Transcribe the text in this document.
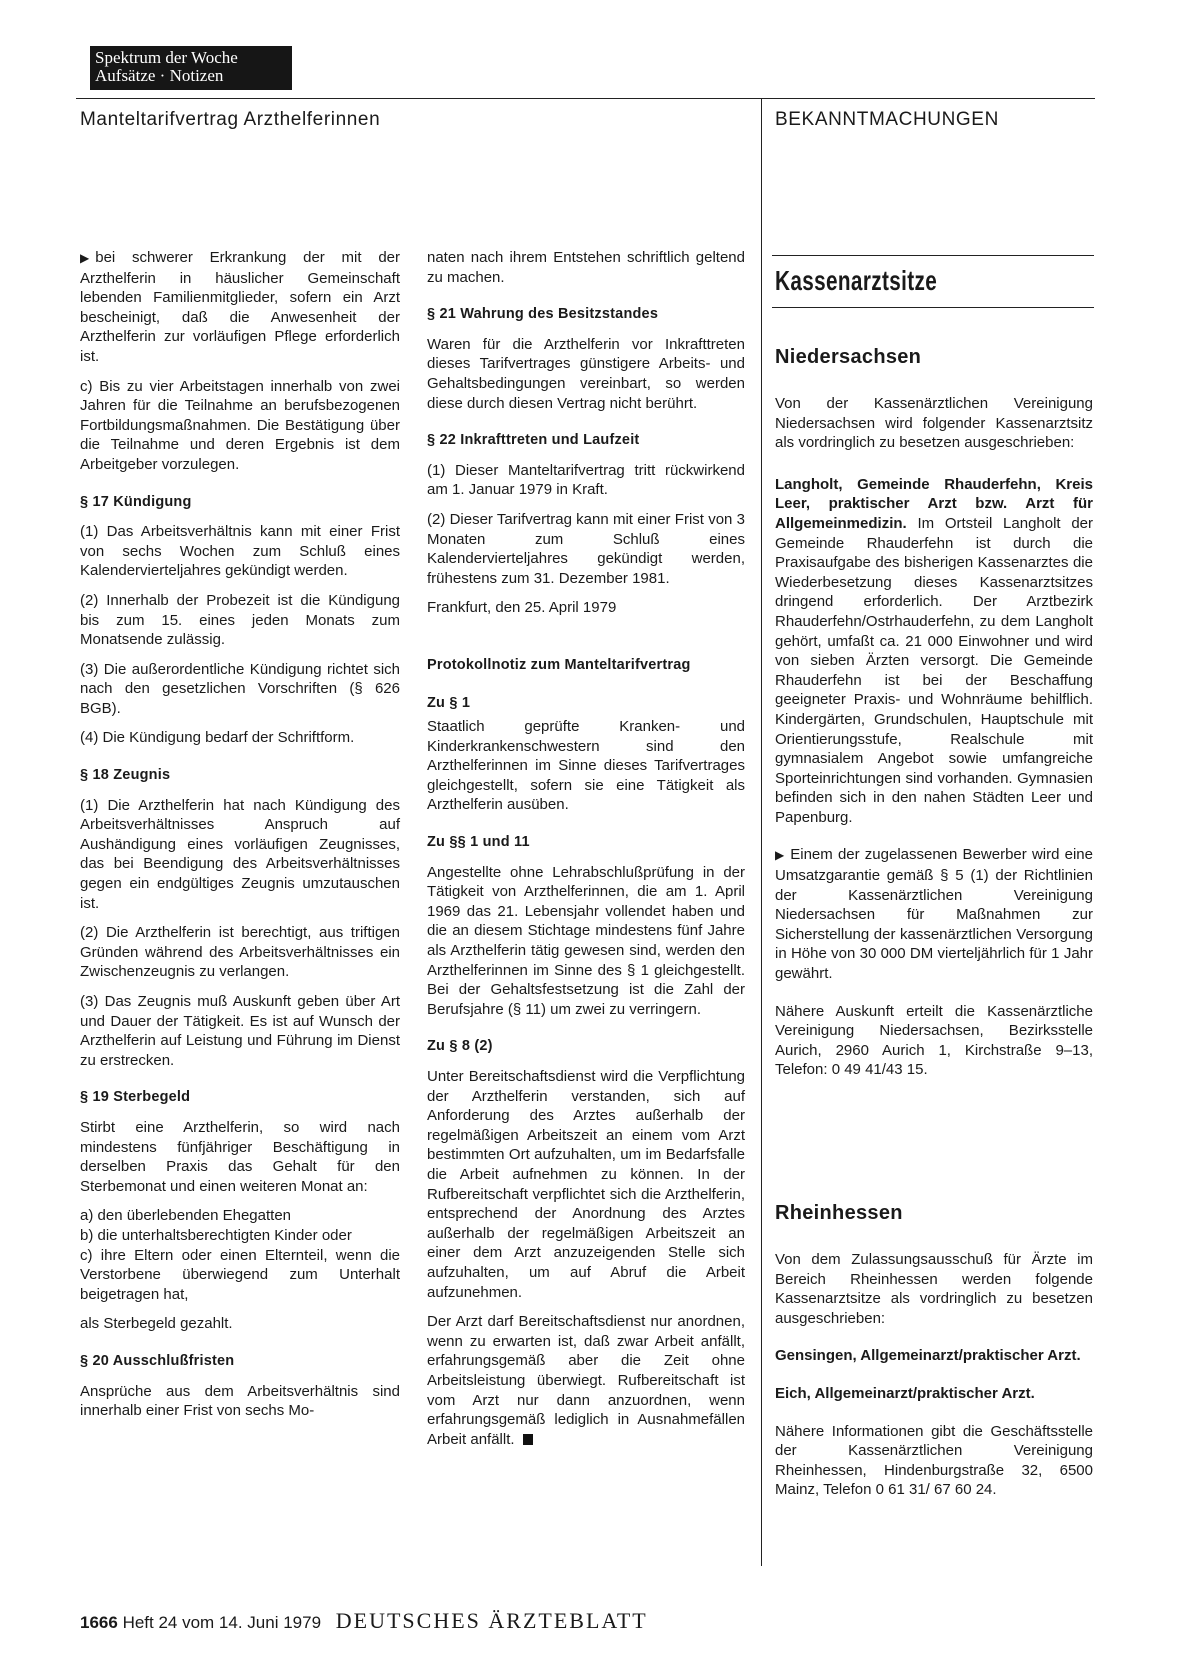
Spektrum der Woche
Aufsätze · Notizen
Manteltarifvertrag Arzthelferinnen	BEKANNTMACHUNGEN

▶ bei schwerer Erkrankung der mit der Arzthelferin in häuslicher Gemeinschaft lebenden Familienmitglieder, sofern ein Arzt bescheinigt, daß die Anwesenheit der Arzthelferin zur vorläufigen Pflege erforderlich ist.

c) Bis zu vier Arbeitstagen innerhalb von zwei Jahren für die Teilnahme an berufsbezogenen Fortbildungsmaßnahmen. Die Bestätigung über die Teilnahme und deren Ergebnis ist dem Arbeitgeber vorzulegen.

§ 17 Kündigung

(1) Das Arbeitsverhältnis kann mit einer Frist von sechs Wochen zum Schluß eines Kalendervierteljahres gekündigt werden.

(2) Innerhalb der Probezeit ist die Kündigung bis zum 15. eines jeden Monats zum Monatsende zulässig.

(3) Die außerordentliche Kündigung richtet sich nach den gesetzlichen Vorschriften (§ 626 BGB).

(4) Die Kündigung bedarf der Schriftform.

§ 18 Zeugnis

(1) Die Arzthelferin hat nach Kündigung des Arbeitsverhältnisses Anspruch auf Aushändigung eines vorläufigen Zeugnisses, das bei Beendigung des Arbeitsverhältnisses gegen ein endgültiges Zeugnis umzutauschen ist.

(2) Die Arzthelferin ist berechtigt, aus triftigen Gründen während des Arbeitsverhältnisses ein Zwischenzeugnis zu verlangen.

(3) Das Zeugnis muß Auskunft geben über Art und Dauer der Tätigkeit. Es ist auf Wunsch der Arzthelferin auf Leistung und Führung im Dienst zu erstrecken.

§ 19 Sterbegeld

Stirbt eine Arzthelferin, so wird nach mindestens fünfjähriger Beschäftigung in derselben Praxis das Gehalt für den Sterbemonat und einen weiteren Monat an:

a) den überlebenden Ehegatten

b) die unterhaltsberechtigten Kinder oder

c) ihre Eltern oder einen Elternteil, wenn die Verstorbene überwiegend zum Unterhalt beigetragen hat,

als Sterbegeld gezahlt.

§ 20 Ausschlußfristen

Ansprüche aus dem Arbeitsverhältnis sind innerhalb einer Frist von sechs Mo-

naten nach ihrem Entstehen schriftlich geltend zu machen.

§ 21 Wahrung des Besitzstandes

Waren für die Arzthelferin vor Inkrafttreten dieses Tarifvertrages günstigere Arbeits- und Gehaltsbedingungen vereinbart, so werden diese durch diesen Vertrag nicht berührt.

§ 22 Inkrafttreten und Laufzeit

(1) Dieser Manteltarifvertrag tritt rückwirkend am 1. Januar 1979 in Kraft.

(2) Dieser Tarifvertrag kann mit einer Frist von 3 Monaten zum Schluß eines Kalendervierteljahres gekündigt werden, frühestens zum 31. Dezember 1981.

Frankfurt, den 25. April 1979

Protokollnotiz zum Manteltarifvertrag
Zu § 1

Staatlich geprüfte Kranken- und Kinderkrankenschwestern sind den Arzthelferinnen im Sinne dieses Tarifvertrages gleichgestellt, sofern sie eine Tätigkeit als Arzthelferin ausüben.

Zu §§ 1 und 11

Angestellte ohne Lehrabschlußprüfung in der Tätigkeit von Arzthelferinnen, die am 1. April 1969 das 21. Lebensjahr vollendet haben und die an diesem Stichtage mindestens fünf Jahre als Arzthelferin tätig gewesen sind, werden den Arzthelferinnen im Sinne des § 1 gleichgestellt. Bei der Gehaltsfestsetzung ist die Zahl der Berufsjahre (§ 11) um zwei zu verringern.

Zu § 8 (2)

Unter Bereitschaftsdienst wird die Verpflichtung der Arzthelferin verstanden, sich auf Anforderung des Arztes außerhalb der regelmäßigen Arbeitszeit an einem vom Arzt bestimmten Ort aufzuhalten, um im Bedarfsfalle die Arbeit aufnehmen zu können. In der Rufbereitschaft verpflichtet sich die Arzthelferin, entsprechend der Anordnung des Arztes außerhalb der regelmäßigen Arbeitszeit an einer dem Arzt anzuzeigenden Stelle sich aufzuhalten, um auf Abruf die Arbeit aufzunehmen.

Der Arzt darf Bereitschaftsdienst nur anordnen, wenn zu erwarten ist, daß zwar Arbeit anfällt, erfahrungsgemäß aber die Zeit ohne Arbeitsleistung überwiegt. Rufbereitschaft ist vom Arzt nur dann anzuordnen, wenn erfahrungsgemäß lediglich in Ausnahmefällen Arbeit anfällt.

Kassenarztsitze
Niedersachsen

Von der Kassenärztlichen Vereinigung Niedersachsen wird folgender Kassenarztsitz als vordringlich zu besetzen ausgeschrieben:

Langholt, Gemeinde Rhauderfehn, Kreis Leer, praktischer Arzt bzw. Arzt für Allgemeinmedizin. Im Ortsteil Langholt der Gemeinde Rhauderfehn ist durch die Praxisaufgabe des bisherigen Kassenarztes die Wiederbesetzung dieses Kassenarztsitzes dringend erforderlich. Der Arztbezirk Rhauderfehn/Ostrhauderfehn, zu dem Langholt gehört, umfaßt ca. 21 000 Einwohner und wird von sieben Ärzten versorgt. Die Gemeinde Rhauderfehn ist bei der Beschaffung geeigneter Praxis- und Wohnräume behilflich. Kindergärten, Grundschulen, Hauptschule mit Orientierungsstufe, Realschule mit gymnasialem Angebot sowie umfangreiche Sporteinrichtungen sind vorhanden. Gymnasien befinden sich in den nahen Städten Leer und Papenburg.

▶ Einem der zugelassenen Bewerber wird eine Umsatzgarantie gemäß § 5 (1) der Richtlinien der Kassenärztlichen Vereinigung Niedersachsen für Maßnahmen zur Sicherstellung der kassenärztlichen Versorgung in Höhe von 30 000 DM vierteljährlich für 1 Jahr gewährt.

Nähere Auskunft erteilt die Kassenärztliche Vereinigung Niedersachsen, Bezirksstelle Aurich, 2960 Aurich 1, Kirchstraße 9–13, Telefon: 0 49 41/43 15.

Rheinhessen

Von dem Zulassungsausschuß für Ärzte im Bereich Rheinhessen werden folgende Kassenarztsitze als vordringlich zu besetzen ausgeschrieben:

Gensingen, Allgemeinarzt/praktischer Arzt.

Eich, Allgemeinarzt/praktischer Arzt.

Nähere Informationen gibt die Geschäftsstelle der Kassenärztlichen Vereinigung Rheinhessen, Hindenburgstraße 32, 6500 Mainz, Telefon 0 61 31/ 67 60 24.

1666 Heft 24 vom 14. Juni 1979 DEUTSCHES ÄRZTEBLATT
